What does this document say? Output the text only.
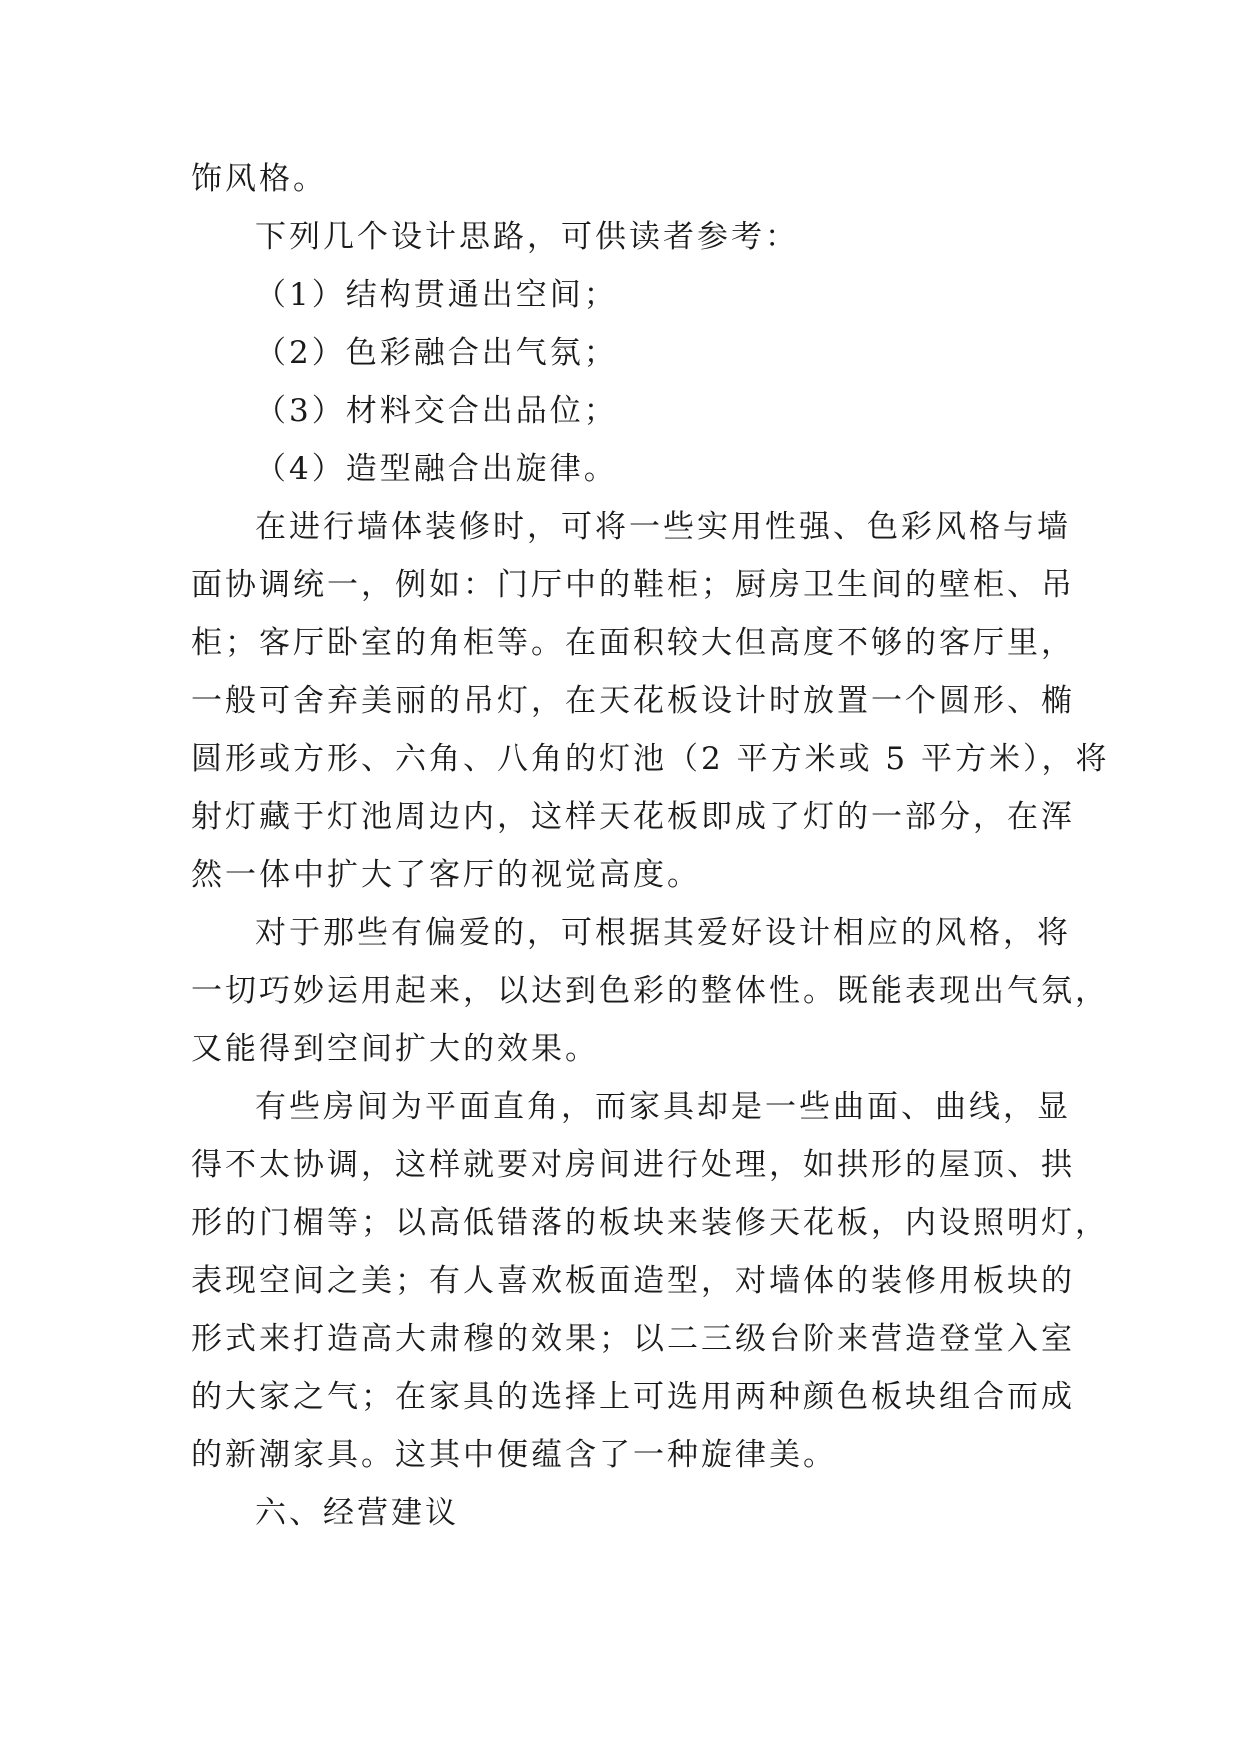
饰风格。
下列几个设计思路，可供读者参考：
（1）结构贯通出空间；
（2）色彩融合出气氛；
（3）材料交合出品位；
（4）造型融合出旋律。
在进行墙体装修时，可将一些实用性强、色彩风格与墙
面协调统一，例如：门厅中的鞋柜；厨房卫生间的壁柜、吊
柜；客厅卧室的角柜等。在面积较大但高度不够的客厅里，
一般可舍弃美丽的吊灯，在天花板设计时放置一个圆形、椭
圆形或方形、六角、八角的灯池（2 平方米或 5 平方米），将
射灯藏于灯池周边内，这样天花板即成了灯的一部分，在浑
然一体中扩大了客厅的视觉高度。
对于那些有偏爱的，可根据其爱好设计相应的风格，将
一切巧妙运用起来，以达到色彩的整体性。既能表现出气氛，
又能得到空间扩大的效果。
有些房间为平面直角，而家具却是一些曲面、曲线，显
得不太协调，这样就要对房间进行处理，如拱形的屋顶、拱
形的门楣等；以高低错落的板块来装修天花板，内设照明灯，
表现空间之美；有人喜欢板面造型，对墙体的装修用板块的
形式来打造高大肃穆的效果；以二三级台阶来营造登堂入室
的大家之气；在家具的选择上可选用两种颜色板块组合而成
的新潮家具。这其中便蕴含了一种旋律美。
六、经营建议
